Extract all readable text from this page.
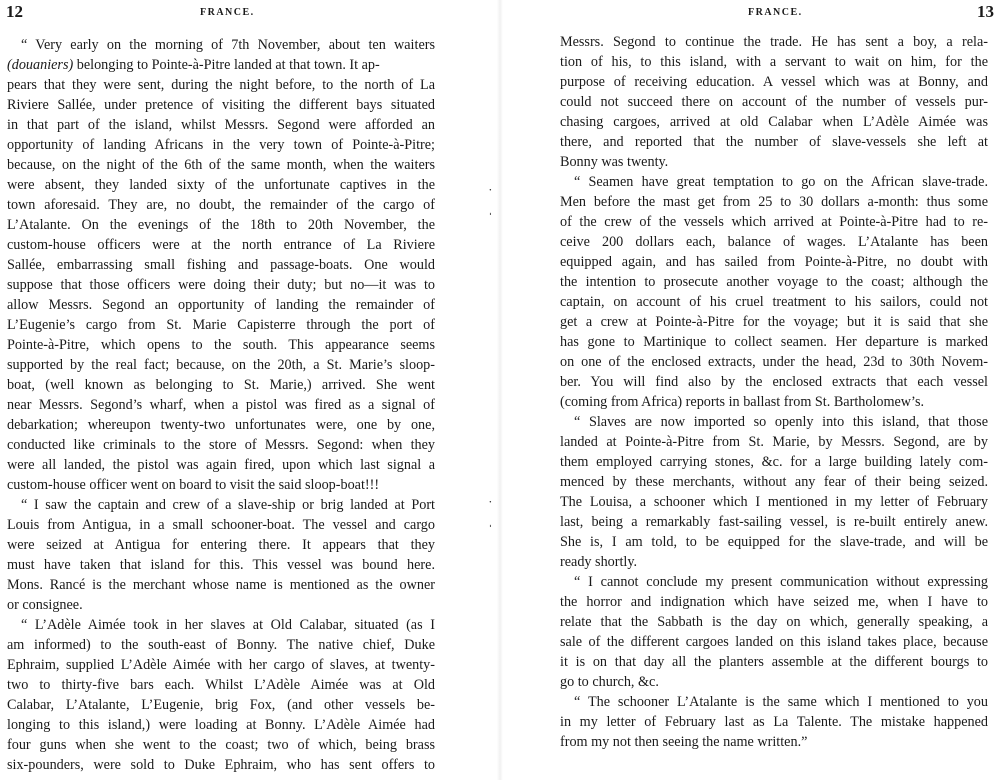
12	FRANCE.
“ Very early on the morning of 7th November, about ten waiters
(douaniers) belonging to Pointe-à-Pitre landed at that town. It ap-
pears that they were sent, during the night before, to the north of La
Riviere Sallée, under pretence of visiting the different bays situated
in that part of the island, whilst Messrs. Segond were afforded an
opportunity of landing Africans in the very town of Pointe-à-Pitre;
because, on the night of the 6th of the same month, when the waiters
were absent, they landed sixty of the unfortunate captives in the
town aforesaid. They are, no doubt, the remainder of the cargo of
L’Atalante. On the evenings of the 18th to 20th November, the
custom-house officers were at the north entrance of La Riviere
Sallée, embarrassing small fishing and passage-boats. One would
suppose that those officers were doing their duty; but no—it was to
allow Messrs. Segond an opportunity of landing the remainder of
L’Eugenie’s cargo from St. Marie Capisterre through the port of
Pointe-à-Pitre, which opens to the south. This appearance seems
supported by the real fact; because, on the 20th, a St. Marie’s sloop-
boat, (well known as belonging to St. Marie,) arrived. She went
near Messrs. Segond’s wharf, when a pistol was fired as a signal of
debarkation; whereupon twenty-two unfortunates were, one by one,
conducted like criminals to the store of Messrs. Segond: when they
were all landed, the pistol was again fired, upon which last signal a
custom-house officer went on board to visit the said sloop-boat!!!
“ I saw the captain and crew of a slave-ship or brig landed at Port
Louis from Antigua, in a small schooner-boat. The vessel and cargo
were seized at Antigua for entering there. It appears that they
must have taken that island for this. This vessel was bound here.
Mons. Rancé is the merchant whose name is mentioned as the owner
or consignee.
“ L’Adèle Aimée took in her slaves at Old Calabar, situated (as I
am informed) to the south-east of Bonny. The native chief, Duke
Ephraim, supplied L’Adèle Aimée with her cargo of slaves, at twenty-
two to thirty-five bars each. Whilst L’Adèle Aimée was at Old
Calabar, L’Atalante, L’Eugenie, brig Fox, (and other vessels be-
longing to this island,) were loading at Bonny. L’Adèle Aimée had
four guns when she went to the coast; two of which, being brass
six-pounders, were sold to Duke Ephraim, who has sent offers to
˙ ˌ
˙ ˌ
FRANCE.	13
Messrs. Segond to continue the trade. He has sent a boy, a rela-
tion of his, to this island, with a servant to wait on him, for the
purpose of receiving education. A vessel which was at Bonny, and
could not succeed there on account of the number of vessels pur-
chasing cargoes, arrived at old Calabar when L’Adèle Aimée was
there, and reported that the number of slave-vessels she left at
Bonny was twenty.
“ Seamen have great temptation to go on the African slave-trade.
Men before the mast get from 25 to 30 dollars a-month: thus some
of the crew of the vessels which arrived at Pointe-à-Pitre had to re-
ceive 200 dollars each, balance of wages. L’Atalante has been
equipped again, and has sailed from Pointe-à-Pitre, no doubt with
the intention to prosecute another voyage to the coast; although the
captain, on account of his cruel treatment to his sailors, could not
get a crew at Pointe-à-Pitre for the voyage; but it is said that she
has gone to Martinique to collect seamen. Her departure is marked
on one of the enclosed extracts, under the head, 23d to 30th Novem-
ber. You will find also by the enclosed extracts that each vessel
(coming from Africa) reports in ballast from St. Bartholomew’s.
“ Slaves are now imported so openly into this island, that those
landed at Pointe-à-Pitre from St. Marie, by Messrs. Segond, are by
them employed carrying stones, &c. for a large building lately com-
menced by these merchants, without any fear of their being seized.
The Louisa, a schooner which I mentioned in my letter of February
last, being a remarkably fast-sailing vessel, is re-built entirely anew.
She is, I am told, to be equipped for the slave-trade, and will be
ready shortly.
“ I cannot conclude my present communication without expressing
the horror and indignation which have seized me, when I have to
relate that the Sabbath is the day on which, generally speaking, a
sale of the different cargoes landed on this island takes place, because
it is on that day all the planters assemble at the different bourgs to
go to church, &c.
“ The schooner L’Atalante is the same which I mentioned to you
in my letter of February last as La Talente. The mistake happened
from my not then seeing the name written.”
